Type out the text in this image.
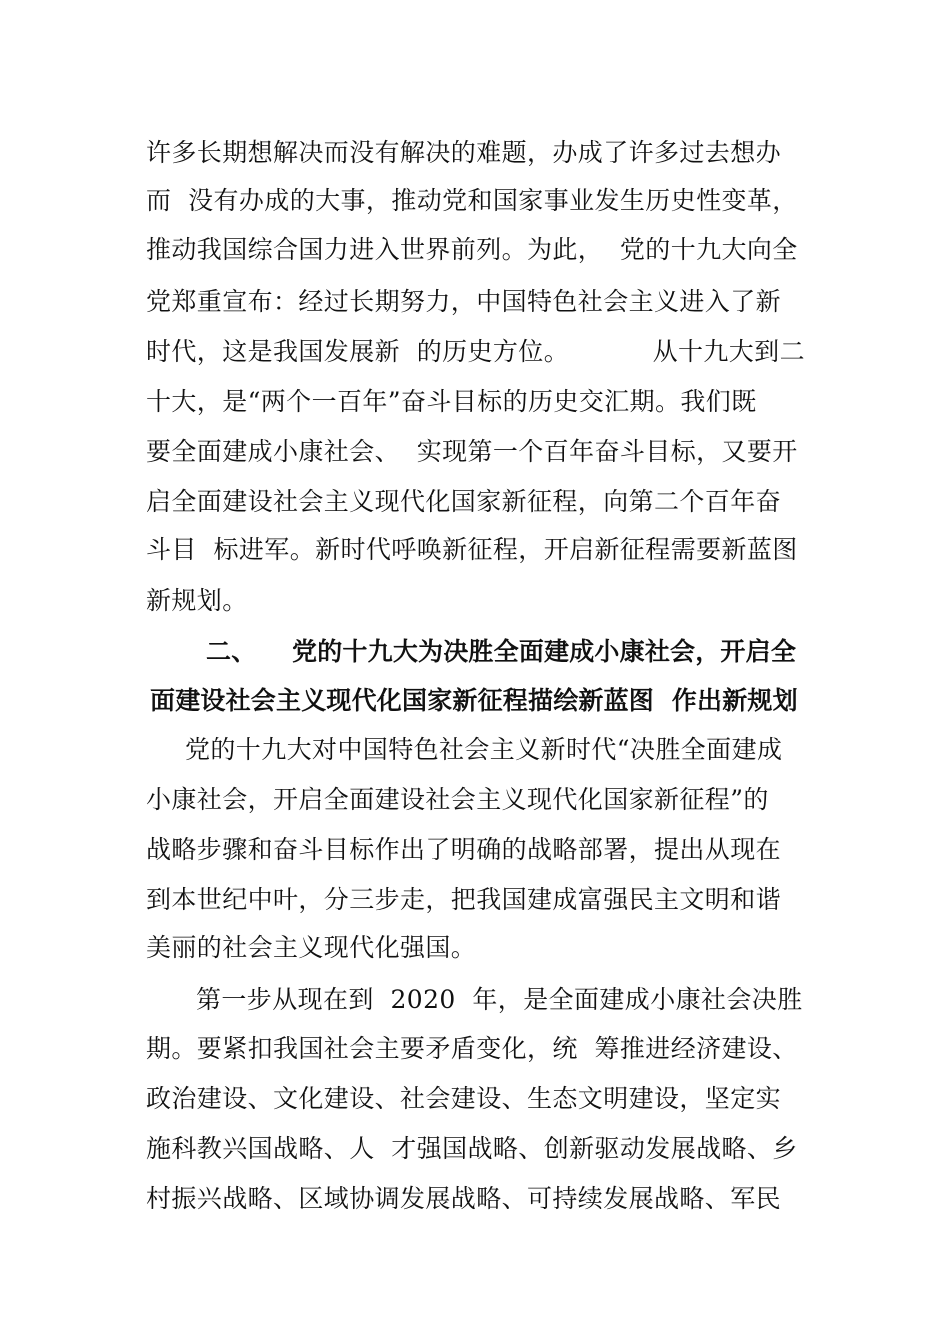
许多长期想解决而没有解决的难题，办成了许多过去想办
而  没有办成的大事，推动党和国家事业发生历史性变革，
推动我国综合国力进入世界前列。为此，  党的十九大向全
党郑重宣布：经过长期努力，中国特色社会主义进入了新
时代，这是我国发展新  的历史方位。          从十九大到二
十大，是“两个一百年”奋斗目标的历史交汇期。我们既
要全面建成小康社会、  实现第一个百年奋斗目标，又要开
启全面建设社会主义现代化国家新征程，向第二个百年奋
斗目  标进军。新时代呼唤新征程，开启新征程需要新蓝图
新规划。
二、    党的十九大为决胜全面建成小康社会，开启全
面建设社会主义现代化国家新征程描绘新蓝图  作出新规划
党的十九大对中国特色社会主义新时代“决胜全面建成
小康社会，开启全面建设社会主义现代化国家新征程”的
战略步骤和奋斗目标作出了明确的战略部署，提出从现在
到本世纪中叶，分三步走，把我国建成富强民主文明和谐
美丽的社会主义现代化强国。
第一步从现在到  2020  年，是全面建成小康社会决胜
期。要紧扣我国社会主要矛盾变化，统  筹推进经济建设、
政治建设、文化建设、社会建设、生态文明建设，坚定实
施科教兴国战略、人  才强国战略、创新驱动发展战略、乡
村振兴战略、区域协调发展战略、可持续发展战略、军民
